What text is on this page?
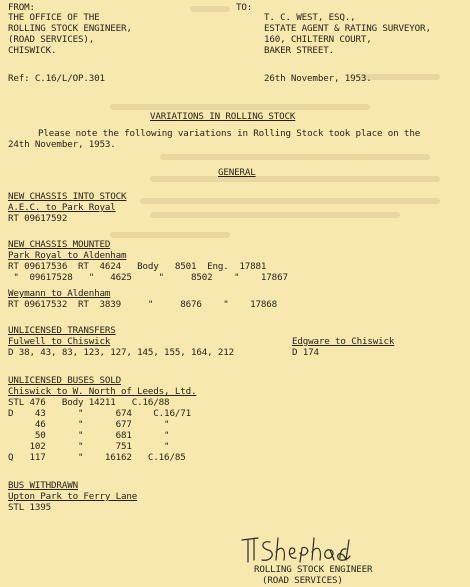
FROM:
THE OFFICE OF THE
ROLLING STOCK ENGINEER,
(ROAD SERVICES),
CHISWICK.
TO:
T. C. WEST, ESQ.,
ESTATE AGENT & RATING SURVEYOR,
160, CHILTERN COURT,
BAKER STREET.
Ref: C.16/L/OP.301	26th November, 1953.
VARIATIONS IN ROLLING STOCK
Please note the following variations in Rolling Stock took place on the
24th November, 1953.
GENERAL
NEW CHASSIS INTO STOCK
A.E.C. to Park Royal
RT 09617592
NEW CHASSIS MOUNTED
Park Royal to Aldenham
RT 09617536  RT  4624   Body   8501  Eng.  17881
"  09617528   "   4625     "     8502    "    17867
Weymann to Aldenham
RT 09617532  RT  3839     "     8676    "    17868
UNLICENSED TRANSFERS
Fulwell to Chiswick
D 38, 43, 83, 123, 127, 145, 155, 164, 212
Edgware to Chiswick
D 174
UNLICENSED BUSES SOLD
Chiswick to W. North of Leeds, Ltd.
STL 476   Body 14211   C.16/88
D    43      "      674    C.16/71
46      "      677      "
50      "      681      "
102      "      751      "
Q   117      "    16162   C.16/85
BUS WITHDRAWN
Upton Park to Ferry Lane
STL 1395
ROLLING STOCK ENGINEER
(ROAD SERVICES)
